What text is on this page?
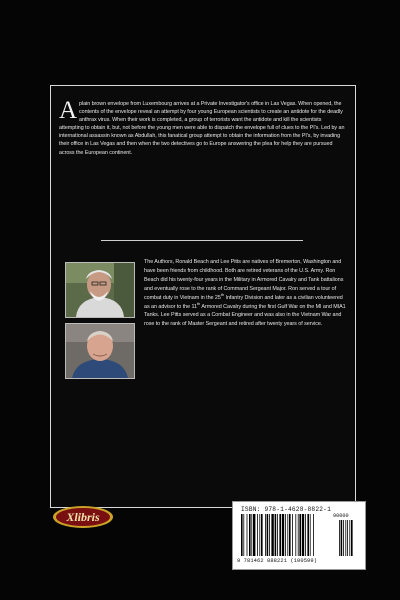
Aplain brown envelope from Luxembourg arrives at a Private Investigator's office in Las Vegas. When opened, the contents of the envelope reveal an attempt by four young European scientists to create an antidote for the deadly anthrax virus. When their work is completed, a group of terrorists want the antidote and kill the scientists attempting to obtain it, but, not before the young men were able to dispatch the envelope full of clues to the PI's. Led by an international assassin known as Abdullah, this fanatical group attempt to obtain the information from the PI's, by invading their office in Las Vegas and then when the two detectives go to Europe answering the plea for help they are pursued across the European continent.
The Authors, Ronald Beach and Lee Pitts are natives of Bremerton, Washington and have been friends from childhood. Both are retired veterans of the U.S. Army. Ron Beach did his twenty-four years in the Military in Armored Cavalry and Tank battalions and eventually rose to the rank of Command Sergeant Major. Ron served a tour of combat duty in Vietnam in the 25th Infantry Division and later as a civilian volunteered as an advisor to the 11th Armored Cavalry during the first Gulf War on the MI and MIA1 Tanks. Lee Pitts served as a Combat Engineer and was also in the Vietnam War and rose to the rank of Master Sergeant and retired after twenty years of service.
Xlibris
ISBN: 978-1-4628-8822-1
90000
9 781462 888221 (100599)
